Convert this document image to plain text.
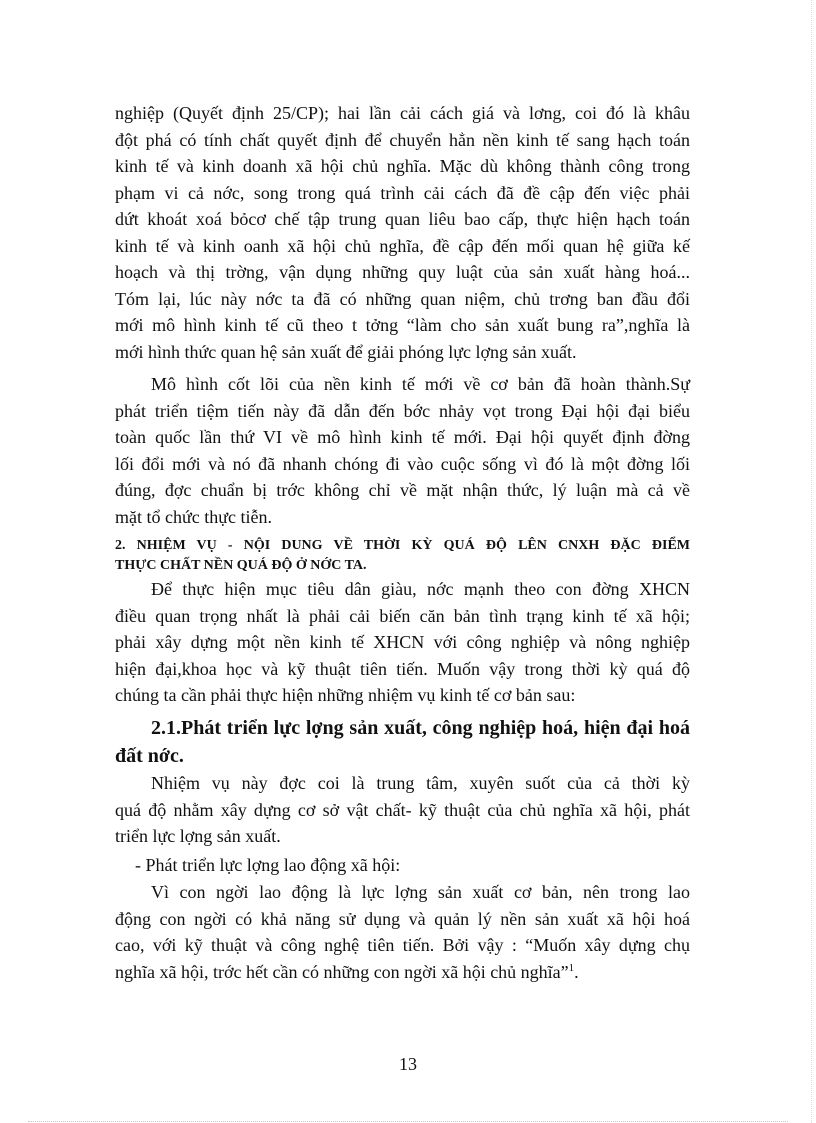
nghiệp (Quyết định 25/CP); hai lần cải cách giá và lơng, coi đó là khâu
đột phá có tính chất quyết định để chuyển hẳn nền kinh tế sang hạch toán
kinh tế và kinh doanh xã hội chủ nghĩa. Mặc dù không thành công trong
phạm vi cả nớc, song trong quá trình cải cách đã đề cập đến việc phải
dứt khoát xoá bỏcơ chế tập trung quan liêu bao cấp, thực hiện hạch toán
kinh tế và kinh oanh xã hội chủ nghĩa, đề cập đến mối quan hệ giữa kế
hoạch và thị trờng, vận dụng những quy luật của sản xuất hàng hoá...
Tóm lại, lúc này nớc ta đã có những quan niệm, chủ trơng ban đầu đổi
mới mô hình kinh tế cũ theo t tởng “làm cho sản xuất bung ra”,nghĩa là
mới hình thức quan hệ sản xuất để giải phóng lực lợng sản xuất.
Mô hình cốt lõi của nền kinh tế mới về cơ bản đã hoàn thành.Sự
phát triển tiệm tiến này đã dẫn đến bớc nhảy vọt trong Đại hội đại biểu
toàn quốc lần thứ VI về mô hình kinh tế mới. Đại hội quyết định đờng
lối đổi mới và nó đã nhanh chóng đi vào cuộc sống vì đó là một đờng lối
đúng, đợc chuẩn bị trớc không chỉ về mặt nhận thức, lý luận mà cả về
mặt tổ chức thực tiễn.
2. NHIỆM VỤ - NỘI DUNG VỀ THỜI KỲ QUÁ ĐỘ LÊN CNXH ĐẶC ĐIỂM
THỰC CHẤT NỀN QUÁ ĐỘ Ở NỚC TA.
Để thực hiện mục tiêu dân giàu, nớc mạnh theo con đờng XHCN
điều quan trọng nhất là phải cải biến căn bản tình trạng kinh tế xã hội;
phải xây dựng một nền kinh tế XHCN với công nghiệp và nông nghiệp
hiện đại,khoa học và kỹ thuật tiên tiến. Muốn vậy trong thời kỳ quá độ
chúng ta cần phải thực hiện những nhiệm vụ kinh tế cơ bản sau:
2.1.Phát triển lực lợng sản xuất, công nghiệp hoá, hiện đại hoá
đất nớc.
Nhiệm vụ này đợc coi là trung tâm, xuyên suốt của cả thời kỳ
quá độ nhằm xây dựng cơ sở vật chất- kỹ thuật của chủ nghĩa xã hội, phát
triển lực lợng sản xuất.
- Phát triển lực lợng lao động xã hội:
Vì con ngời lao động là lực lợng sản xuất cơ bản, nên trong lao
động con ngời có khả năng sử dụng và quản lý nền sản xuất xã hội hoá
cao, với kỹ thuật và công nghệ tiên tiến. Bởi vậy : “Muốn xây dựng chụ
nghĩa xã hội, trớc hết cần có những con ngời xã hội chủ nghĩa”$^1$.
13
